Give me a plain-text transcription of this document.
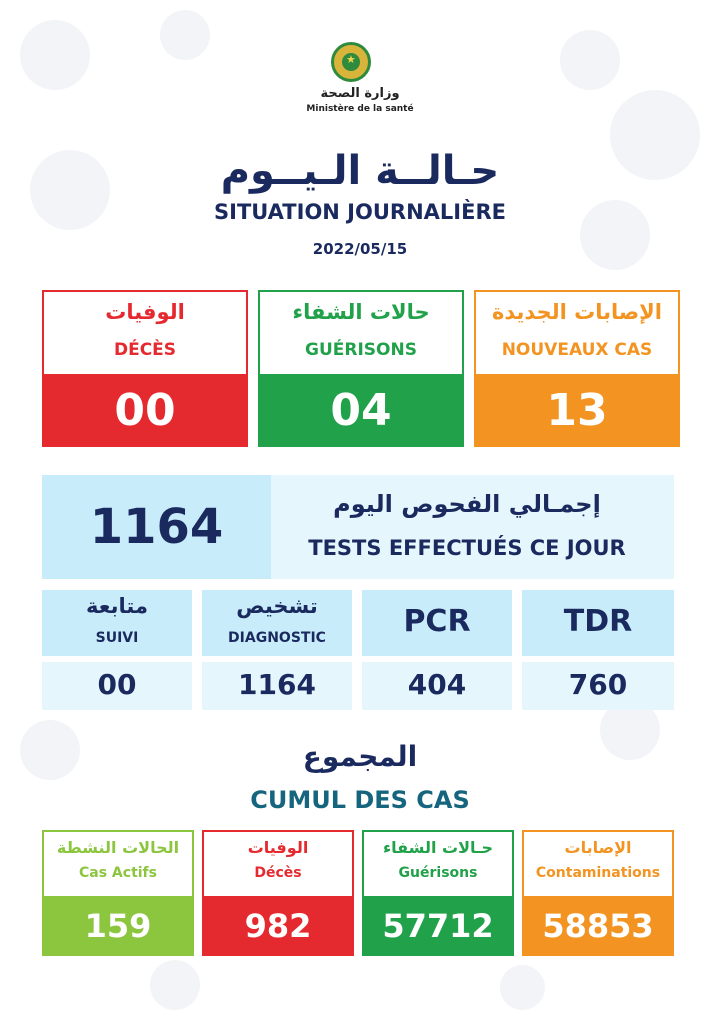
★
وزارة الصحة
Ministère de la santé
حـالــة الـيــوم
SITUATION JOURNALIÈRE
2022/05/15
الوفيات
DÉCÈS
00
حالات الشفاء
GUÉRISONS
04
الإصابات الجديدة
NOUVEAUX CAS
13
1164	إجمـالي الفحوص اليوم
TESTS EFFECTUÉS CE JOUR
متابعة
SUIVI
00
تشخيص
DIAGNOSTIC
1164
PCR
404
TDR
760
المجموع
CUMUL DES CAS
الحالات النشطة
Cas Actifs
159
الوفيات
Décès
982
حـالات الشفاء
Guérisons
57712
الإصابات
Contaminations
58853
